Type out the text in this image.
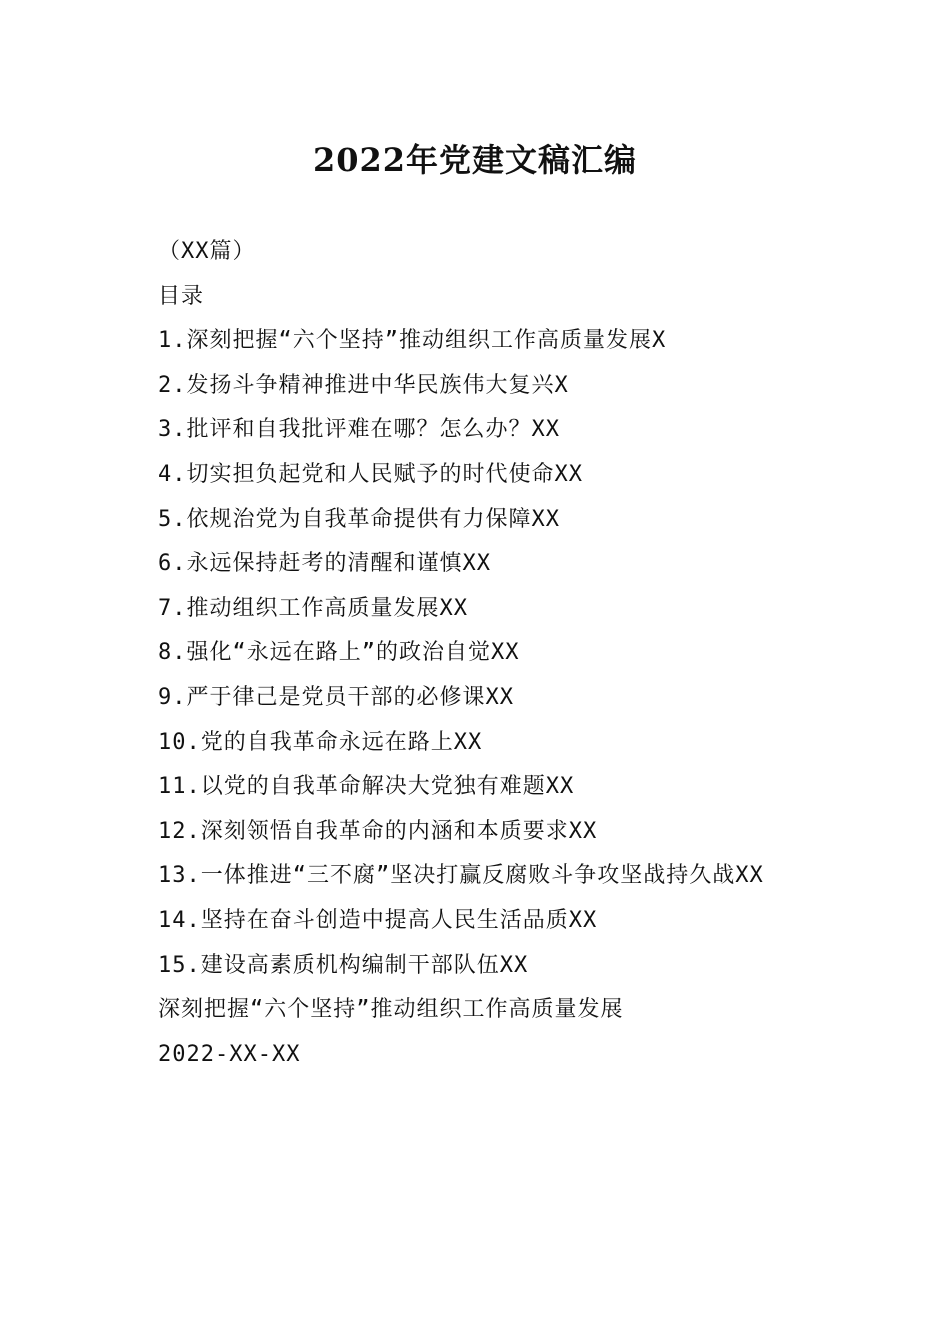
2022年党建文稿汇编

（XX篇）

目录

1.深刻把握“六个坚持”推动组织工作高质量发展X
2.发扬斗争精神推进中华民族伟大复兴X
3.批评和自我批评难在哪？怎么办？XX
4.切实担负起党和人民赋予的时代使命XX
5.依规治党为自我革命提供有力保障XX
6.永远保持赶考的清醒和谨慎XX
7.推动组织工作高质量发展XX
8.强化“永远在路上”的政治自觉XX
9.严于律己是党员干部的必修课XX
10.党的自我革命永远在路上XX
11.以党的自我革命解决大党独有难题XX
12.深刻领悟自我革命的内涵和本质要求XX
13.一体推进“三不腐”坚决打赢反腐败斗争攻坚战持久战XX
14.坚持在奋斗创造中提高人民生活品质XX
15.建设高素质机构编制干部队伍XX

深刻把握“六个坚持”推动组织工作高质量发展

2022-XX-XX
